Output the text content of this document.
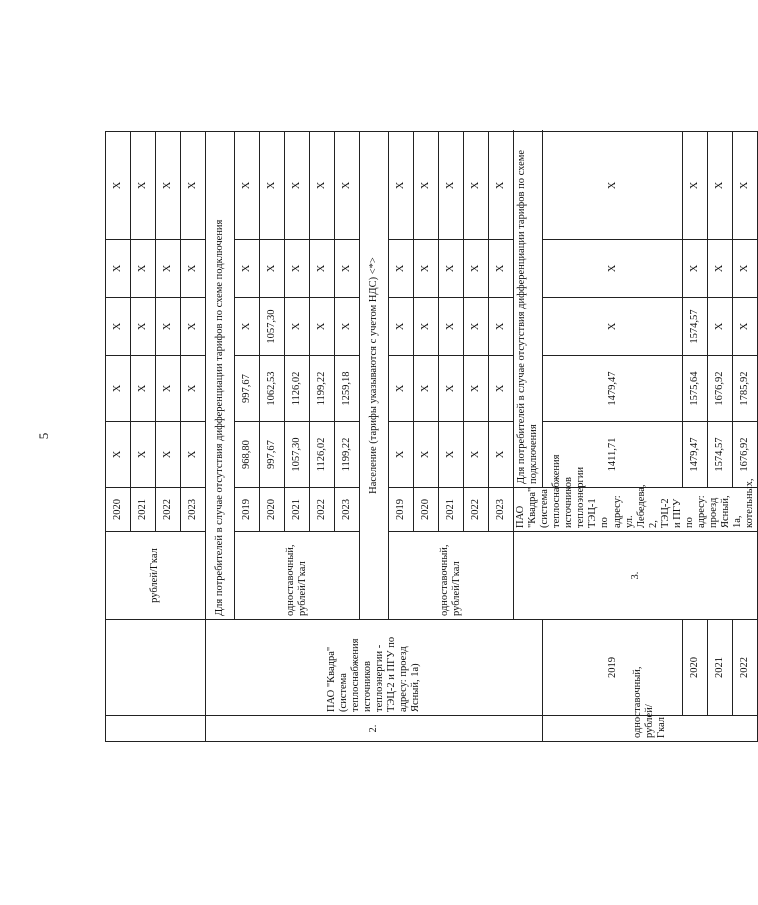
5
		рублей/Гкал	2020	X	X	X	X	X
			2021	X	X	X	X	X
			2022	X	X	X	X	X
			2023	X	X	X	X	X
2.	ПАО "Квадра" (система теплоснабжения источников теплоэнергии - ТЭЦ-2 и ПГУ по адресу: проезд Ясный, 1а)	Для потребителей в случае отсутствия дифференциации тарифов по схеме подключения						
		одноставочный, рублей/Гкал	2019	968,80	997,67	X	X	X
			2020	997,67	1062,53	1057,30	X	X
			2021	1057,30	1126,02	X	X	X
			2022	1126,02	1199,22	X	X	X
			2023	1199,22	1259,18	X	X	X
		Население (тарифы указываются с учетом НДС) <*>						
		одноставочный, рублей/Гкал	2019	X	X	X	X	X
			2020	X	X	X	X	X
			2021	X	X	X	X	X
			2022	X	X	X	X	X
			2023	X	X	X	X	X
		3.	ПАО "Квадра" (система теплоснабжения источников теплоэнергии ТЭЦ-1 по адресу: ул. Лебедева, 2, ТЭЦ-2 и ПГУ по адресу: проезд Ясный, 1а, котельных,	Для потребителей в случае отсутствия дифференциации тарифов по схеме подключения				
одноставочный, рублей/Гкал	2019			1411,71	1479,47	X	X	X
	2020			1479,47	1575,64	1574,57	X	X
	2021			1574,57	1676,92	X	X	X
	2022			1676,92	1785,92	X	X	X
